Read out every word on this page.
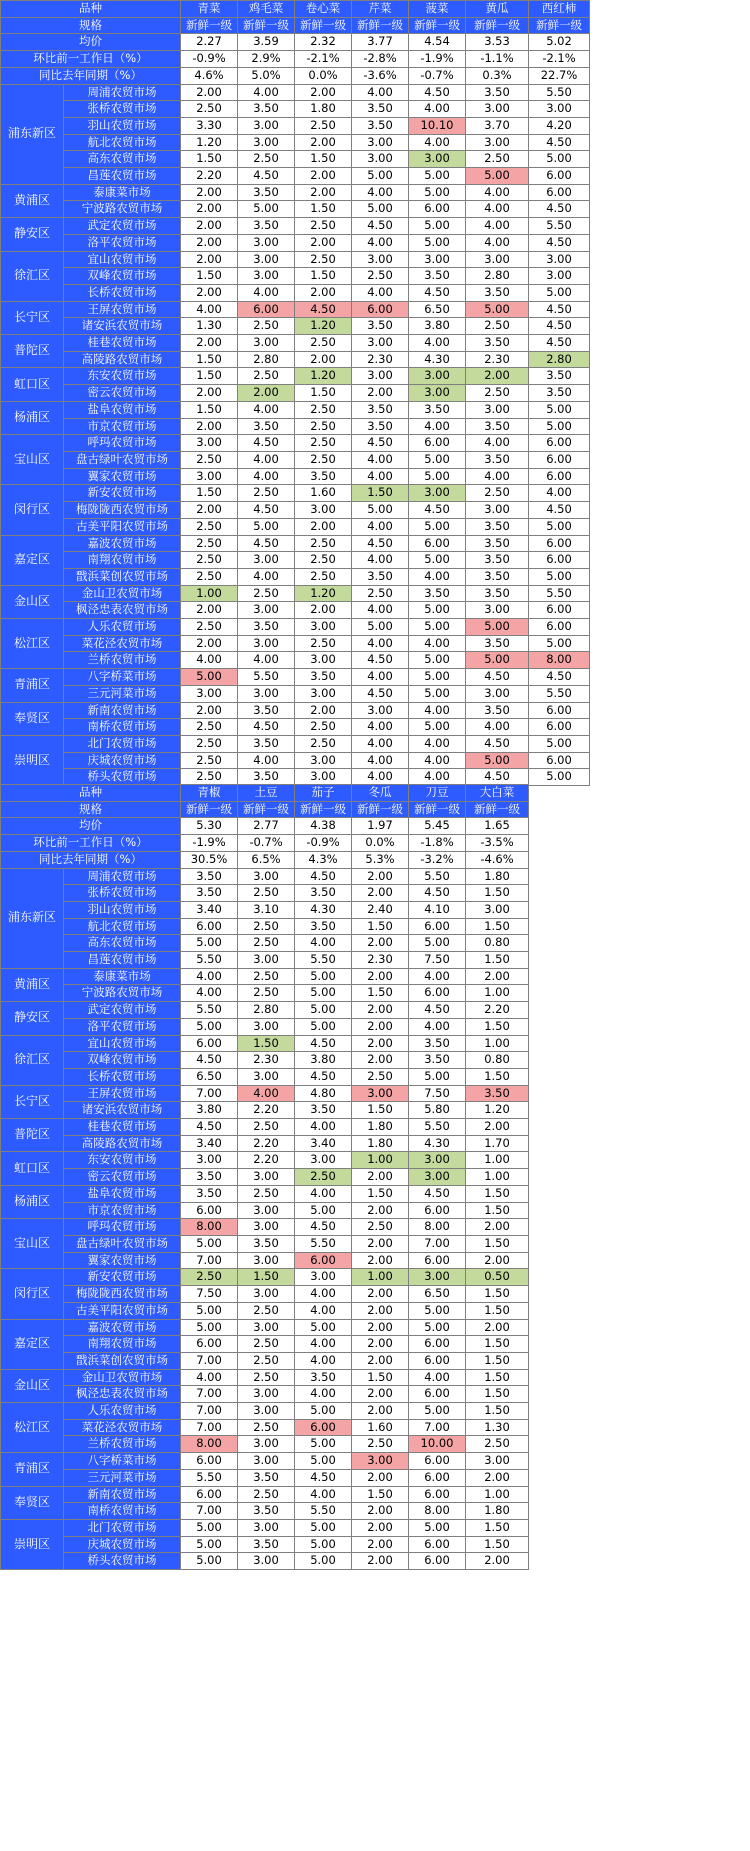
品种		青菜	鸡毛菜	卷心菜	芹菜	菠菜	黄瓜	西红柿
规格		新鲜一级	新鲜一级	新鲜一级	新鲜一级	新鲜一级	新鲜一级	新鲜一级
均价		2.27	3.59	2.32	3.77	4.54	3.53	5.02
环比前一工作日（%）		-0.9%	2.9%	-2.1%	-2.8%	-1.9%	-1.1%	-2.1%
同比去年同期（%）		4.6%	5.0%	0.0%	-3.6%	-0.7%	0.3%	22.7%
浦东新区	周浦农贸市场	2.00	4.00	2.00	4.00	4.50	3.50	5.50
	张桥农贸市场	2.50	3.50	1.80	3.50	4.00	3.00	3.00
	羽山农贸市场	3.30	3.00	2.50	3.50	10.10	3.70	4.20
	航北农贸市场	1.20	3.00	2.00	3.00	4.00	3.00	4.50
	高东农贸市场	1.50	2.50	1.50	3.00	3.00	2.50	5.00
	昌莲农贸市场	2.20	4.50	2.00	5.00	5.00	5.00	6.00
黄浦区	泰康菜市场	2.00	3.50	2.00	4.00	5.00	4.00	6.00
	宁波路农贸市场	2.00	5.00	1.50	5.00	6.00	4.00	4.50
静安区	武定农贸市场	2.00	3.50	2.50	4.50	5.00	4.00	5.50
	洛平农贸市场	2.00	3.00	2.00	4.00	5.00	4.00	4.50
徐汇区	宜山农贸市场	2.00	3.00	2.50	3.00	3.00	3.00	3.00
	双峰农贸市场	1.50	3.00	1.50	2.50	3.50	2.80	3.00
	长桥农贸市场	2.00	4.00	2.00	4.00	4.50	3.50	5.00
长宁区	王屏农贸市场	4.00	6.00	4.50	6.00	6.50	5.00	4.50
	诸安浜农贸市场	1.30	2.50	1.20	3.50	3.80	2.50	4.50
普陀区	桂巷农贸市场	2.00	3.00	2.50	3.00	4.00	3.50	4.50
	高陵路农贸市场	1.50	2.80	2.00	2.30	4.30	2.30	2.80
虹口区	东安农贸市场	1.50	2.50	1.20	3.00	3.00	2.00	3.50
	密云农贸市场	2.00	2.00	1.50	2.00	3.00	2.50	3.50
杨浦区	盐阜农贸市场	1.50	4.00	2.50	3.50	3.50	3.00	5.00
	市京农贸市场	2.00	3.50	2.50	3.50	4.00	3.50	5.00
宝山区	呼玛农贸市场	3.00	4.50	2.50	4.50	6.00	4.00	6.00
	盘古绿叶农贸市场	2.50	4.00	2.50	4.00	5.00	3.50	6.00
	翼家农贸市场	3.00	4.00	3.50	4.00	5.00	4.00	6.00
闵行区	新安农贸市场	1.50	2.50	1.60	1.50	3.00	2.50	4.00
	梅陇陇西农贸市场	2.00	4.50	3.00	5.00	4.50	3.00	4.50
	古美平阳农贸市场	2.50	5.00	2.00	4.00	5.00	3.50	5.00
嘉定区	嘉波农贸市场	2.50	4.50	2.50	4.50	6.00	3.50	6.00
	南翔农贸市场	2.50	3.00	2.50	4.00	5.00	3.50	6.00
	戬浜菜创农贸市场	2.50	4.00	2.50	3.50	4.00	3.50	5.00
金山区	金山卫农贸市场	1.00	2.50	1.20	2.50	3.50	3.50	5.50
	枫泾忠表农贸市场	2.00	3.00	2.00	4.00	5.00	3.00	6.00
松江区	人乐农贸市场	2.50	3.50	3.00	5.00	5.00	5.00	6.00
	菜花泾农贸市场	2.00	3.00	2.50	4.00	4.00	3.50	5.00
	兰桥农贸市场	4.00	4.00	3.00	4.50	5.00	5.00	8.00
青浦区	八字桥菜市场	5.00	5.50	3.50	4.00	5.00	4.50	4.50
	三元河菜市场	3.00	3.00	3.00	4.50	5.00	3.00	5.50
奉贤区	新南农贸市场	2.00	3.50	2.00	3.00	4.00	3.50	6.00
	南桥农贸市场	2.50	4.50	2.50	4.00	5.00	4.00	6.00
崇明区	北门农贸市场	2.50	3.50	2.50	4.00	4.00	4.50	5.00
	庆城农贸市场	2.50	4.00	3.00	4.00	4.00	5.00	6.00
	桥头农贸市场	2.50	3.50	3.00	4.00	4.00	4.50	5.00
品种		青椒	土豆	茄子	冬瓜	刀豆	大白菜
规格		新鲜一级	新鲜一级	新鲜一级	新鲜一级	新鲜一级	新鲜一级
均价		5.30	2.77	4.38	1.97	5.45	1.65
环比前一工作日（%）		-1.9%	-0.7%	-0.9%	0.0%	-1.8%	-3.5%
同比去年同期（%）		30.5%	6.5%	4.3%	5.3%	-3.2%	-4.6%
浦东新区	周浦农贸市场	3.50	3.00	4.50	2.00	5.50	1.80
	张桥农贸市场	3.50	2.50	3.50	2.00	4.50	1.50
	羽山农贸市场	3.40	3.10	4.30	2.40	4.10	3.00
	航北农贸市场	6.00	2.50	3.50	1.50	6.00	1.50
	高东农贸市场	5.00	2.50	4.00	2.00	5.00	0.80
	昌莲农贸市场	5.50	3.00	5.50	2.30	7.50	1.50
黄浦区	泰康菜市场	4.00	2.50	5.00	2.00	4.00	2.00
	宁波路农贸市场	4.00	2.50	5.00	1.50	6.00	1.00
静安区	武定农贸市场	5.50	2.80	5.00	2.00	4.50	2.20
	洛平农贸市场	5.00	3.00	5.00	2.00	4.00	1.50
徐汇区	宜山农贸市场	6.00	1.50	4.50	2.00	3.50	1.00
	双峰农贸市场	4.50	2.30	3.80	2.00	3.50	0.80
	长桥农贸市场	6.50	3.00	4.50	2.50	5.00	1.50
长宁区	王屏农贸市场	7.00	4.00	4.80	3.00	7.50	3.50
	诸安浜农贸市场	3.80	2.20	3.50	1.50	5.80	1.20
普陀区	桂巷农贸市场	4.50	2.50	4.00	1.80	5.50	2.00
	高陵路农贸市场	3.40	2.20	3.40	1.80	4.30	1.70
虹口区	东安农贸市场	3.00	2.20	3.00	1.00	3.00	1.00
	密云农贸市场	3.50	3.00	2.50	2.00	3.00	1.00
杨浦区	盐阜农贸市场	3.50	2.50	4.00	1.50	4.50	1.50
	市京农贸市场	6.00	3.00	5.00	2.00	6.00	1.50
宝山区	呼玛农贸市场	8.00	3.00	4.50	2.50	8.00	2.00
	盘古绿叶农贸市场	5.00	3.50	5.50	2.00	7.00	1.50
	翼家农贸市场	7.00	3.00	6.00	2.00	6.00	2.00
闵行区	新安农贸市场	2.50	1.50	3.00	1.00	3.00	0.50
	梅陇陇西农贸市场	7.50	3.00	4.00	2.00	6.50	1.50
	古美平阳农贸市场	5.00	2.50	4.00	2.00	5.00	1.50
嘉定区	嘉波农贸市场	5.00	3.00	5.00	2.00	5.00	2.00
	南翔农贸市场	6.00	2.50	4.00	2.00	6.00	1.50
	戬浜菜创农贸市场	7.00	2.50	4.00	2.00	6.00	1.50
金山区	金山卫农贸市场	4.00	2.50	3.50	1.50	4.00	1.50
	枫泾忠表农贸市场	7.00	3.00	4.00	2.00	6.00	1.50
松江区	人乐农贸市场	7.00	3.00	5.00	2.00	5.00	1.50
	菜花泾农贸市场	7.00	2.50	6.00	1.60	7.00	1.30
	兰桥农贸市场	8.00	3.00	5.00	2.50	10.00	2.50
青浦区	八字桥菜市场	6.00	3.00	5.00	3.00	6.00	3.00
	三元河菜市场	5.50	3.50	4.50	2.00	6.00	2.00
奉贤区	新南农贸市场	6.00	2.50	4.00	1.50	6.00	1.00
	南桥农贸市场	7.00	3.50	5.50	2.00	8.00	1.80
崇明区	北门农贸市场	5.00	3.00	5.00	2.00	5.00	1.50
	庆城农贸市场	5.00	3.50	5.00	2.00	6.00	1.50
	桥头农贸市场	5.00	3.00	5.00	2.00	6.00	2.00
